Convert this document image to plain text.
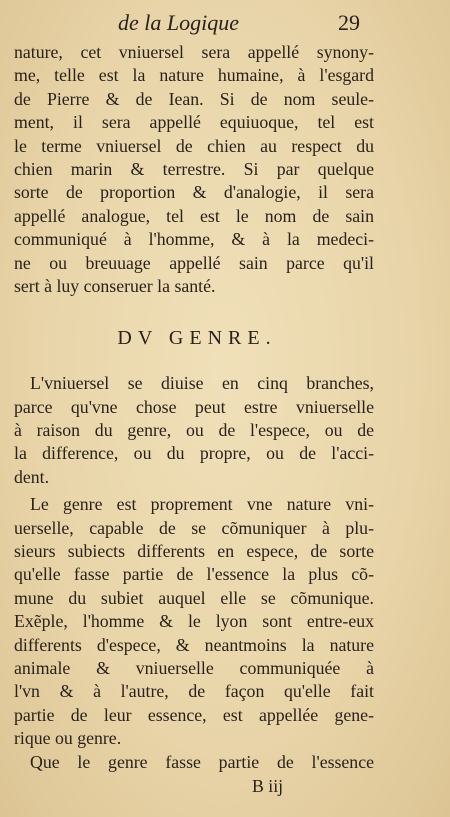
de la Logique	29
nature, cet vniuersel sera appellé synony-
me, telle est la nature humaine, à l'esgard
de Pierre & de Iean. Si de nom seule-
ment, il sera appellé equiuoque, tel est
le terme vniuersel de chien au respect du
chien marin & terrestre. Si par quelque
sorte de proportion & d'analogie, il sera
appellé analogue, tel est le nom de sain
communiqué à l'homme, & à la medeci-
ne ou breuuage appellé sain parce qu'il
sert à luy conseruer la santé.
DV GENRE.
L'vniuersel se diuise en cinq branches,
parce qu'vne chose peut estre vniuerselle
à raison du genre, ou de l'espece, ou de
la difference, ou du propre, ou de l'acci-
dent.
Le genre est proprement vne nature vni-
uerselle, capable de se cõmuniquer à plu-
sieurs subiects differents en espece, de sorte
qu'elle fasse partie de l'essence la plus cõ-
mune du subiet auquel elle se cõmunique.
Exẽple, l'homme & le lyon sont entre-eux
differents d'espece, & neantmoins la nature
animale & vniuerselle communiquée à
l'vn & à l'autre, de façon qu'elle fait
partie de leur essence, est appellée gene-
rique ou genre.
Que le genre fasse partie de l'essence
B iij
